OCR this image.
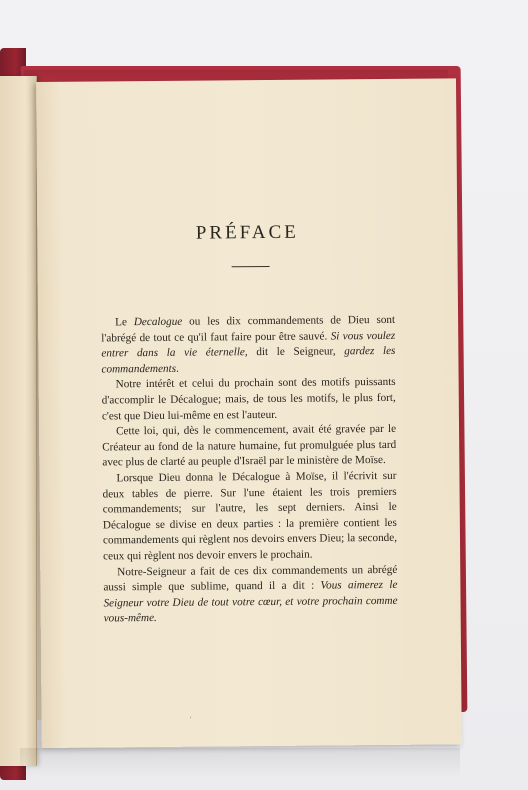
PRÉFACE

Le Decalogue ou les dix commandements de Dieu sont l'abrégé de tout ce qu'il faut faire pour être sauvé. Si vous voulez entrer dans la vie éternelle, dit le Seigneur, gardez les commandements.

Notre intérêt et celui du prochain sont des motifs puissants d'accomplir le Décalogue; mais, de tous les motifs, le plus fort, c'est que Dieu lui-même en est l'auteur.

Cette loi, qui, dès le commencement, avait été gravée par le Créateur au fond de la nature humaine, fut promulguée plus tard avec plus de clarté au peuple d'Israël par le ministère de Moïse.

Lorsque Dieu donna le Décalogue à Moïse, il l'écrivit sur deux tables de pierre. Sur l'une étaient les trois premiers commandements; sur l'autre, les sept derniers. Ainsi le Décalogue se divise en deux parties : la première contient les commandements qui règlent nos devoirs envers Dieu; la seconde, ceux qui règlent nos devoir envers le prochain.

Notre-Seigneur a fait de ces dix commandements un abrégé aussi simple que sublime, quand il a dit : Vous aimerez le Seigneur votre Dieu de tout votre cœur, et votre prochain comme vous-même.

‘
